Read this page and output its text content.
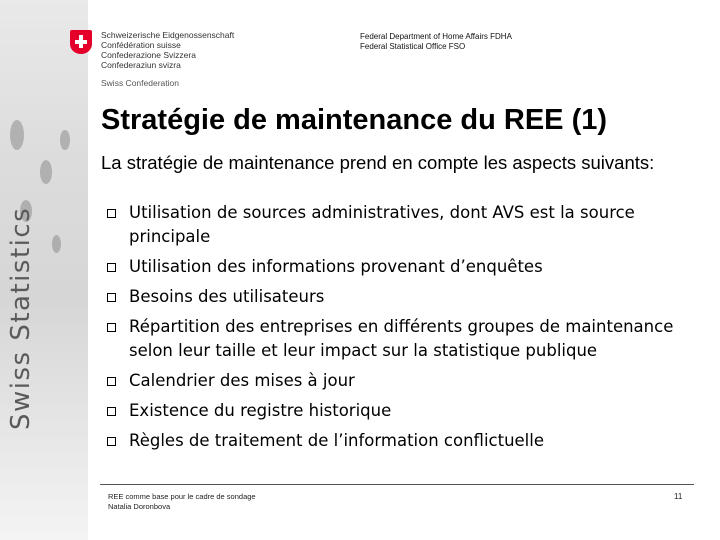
Swiss Statistics
Schweizerische Eidgenossenschaft
Confédération suisse
Confederazione Svizzera
Confederaziun svizra
Swiss Confederation
Federal Department of Home Affairs FDHA
Federal Statistical Office FSO
Stratégie de maintenance du REE (1)
La stratégie de maintenance prend en compte les aspects suivants:
Utilisation de sources administratives, dont AVS est la source principale
Utilisation des informations provenant d’enquêtes
Besoins des utilisateurs
Répartition des entreprises en différents groupes de maintenance selon leur taille et leur impact sur la statistique publique
Calendrier des mises à jour
Existence du registre historique
Règles de traitement de l’information conflictuelle
REE comme base pour le cadre de sondage
Natalia Doronbova
11
